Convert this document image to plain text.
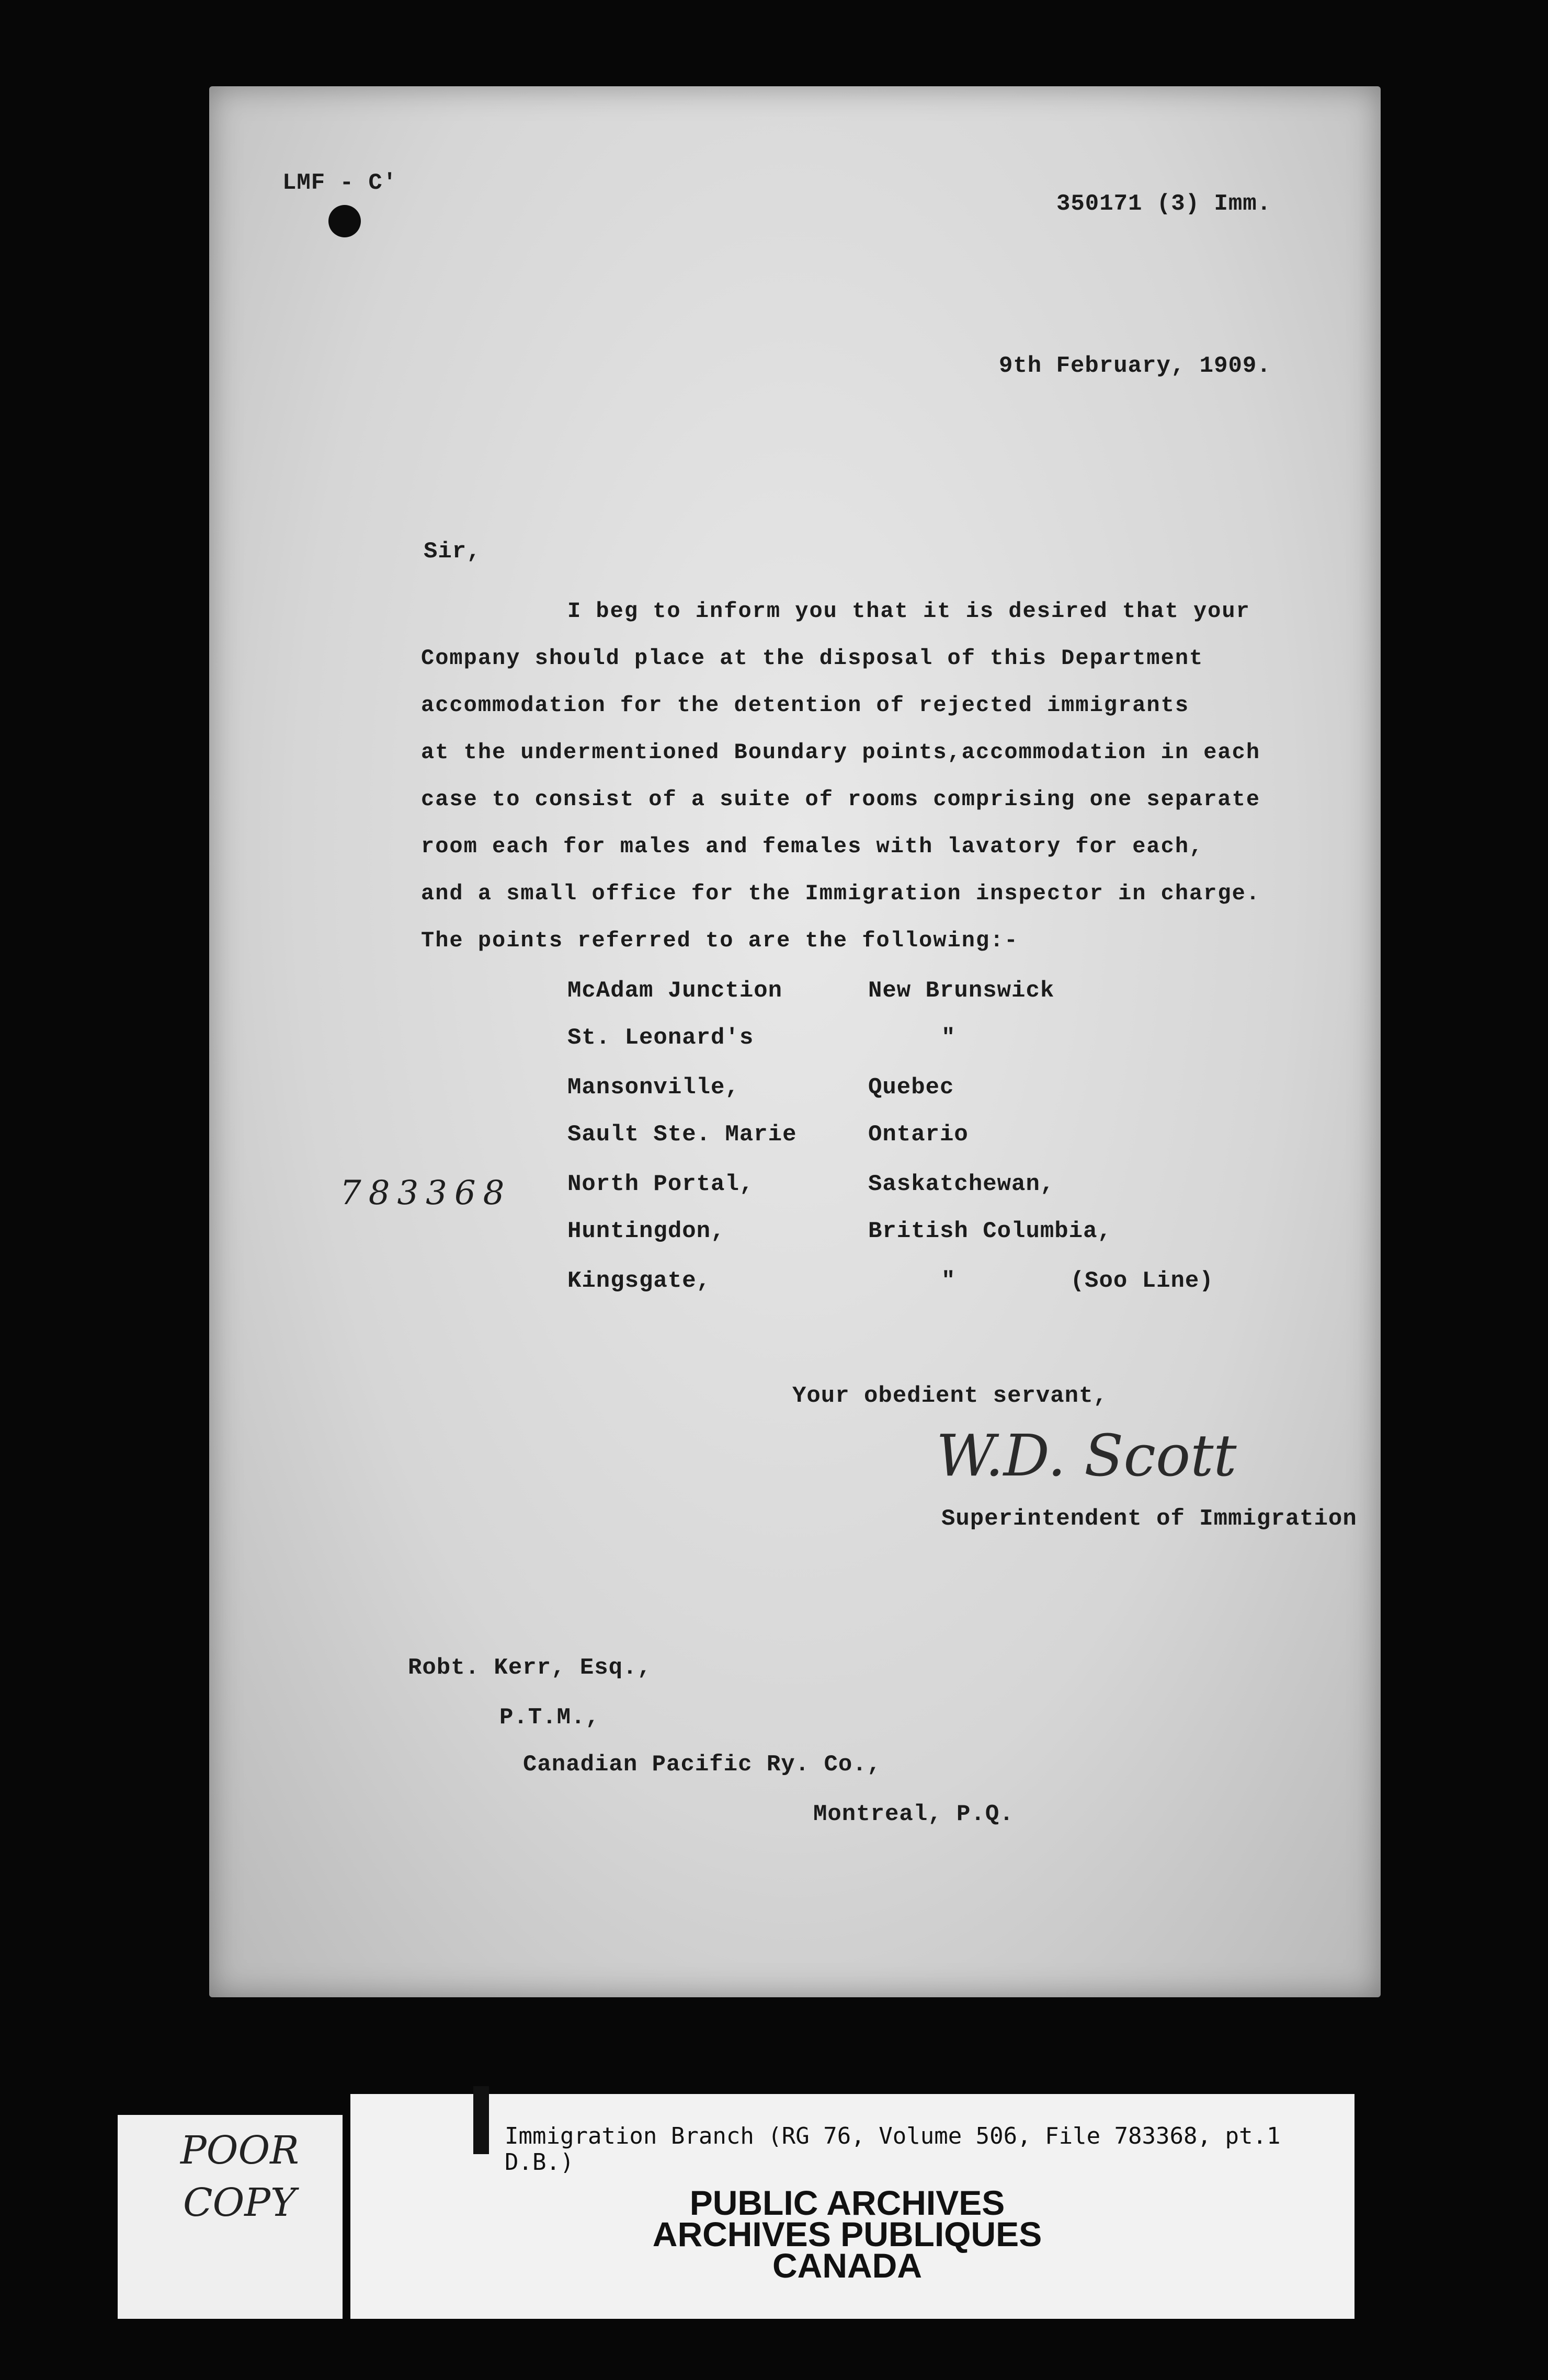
LMF - C'
350171 (3) Imm.
9th February, 1909.
Sir,
I beg to inform you that it is desired that your
Company should place at the disposal of this Department
accommodation for the detention of rejected immigrants
at the undermentioned Boundary points,accommodation in each
case to consist of a suite of rooms comprising one separate
room each for males and females with lavatory for each,
and a small office for the Immigration inspector in charge.
The points referred to are the following:-
McAdam Junction	New Brunswick
St. Leonard's	"
Mansonville,	Quebec
Sault Ste. Marie	Ontario
North Portal,	Saskatchewan,
Huntingdon,	British Columbia,
Kingsgate,	"        (Soo Line)
783368
Your obedient servant,
W.D. Scott
Superintendent of Immigration
Robt. Kerr, Esq.,
P.T.M.,
Canadian Pacific Ry. Co.,
Montreal, P.Q.
POOR
COPY
Immigration Branch (RG 76, Volume 506, File 783368, pt.1
D.B.)
PUBLIC ARCHIVES
ARCHIVES PUBLIQUES
CANADA
